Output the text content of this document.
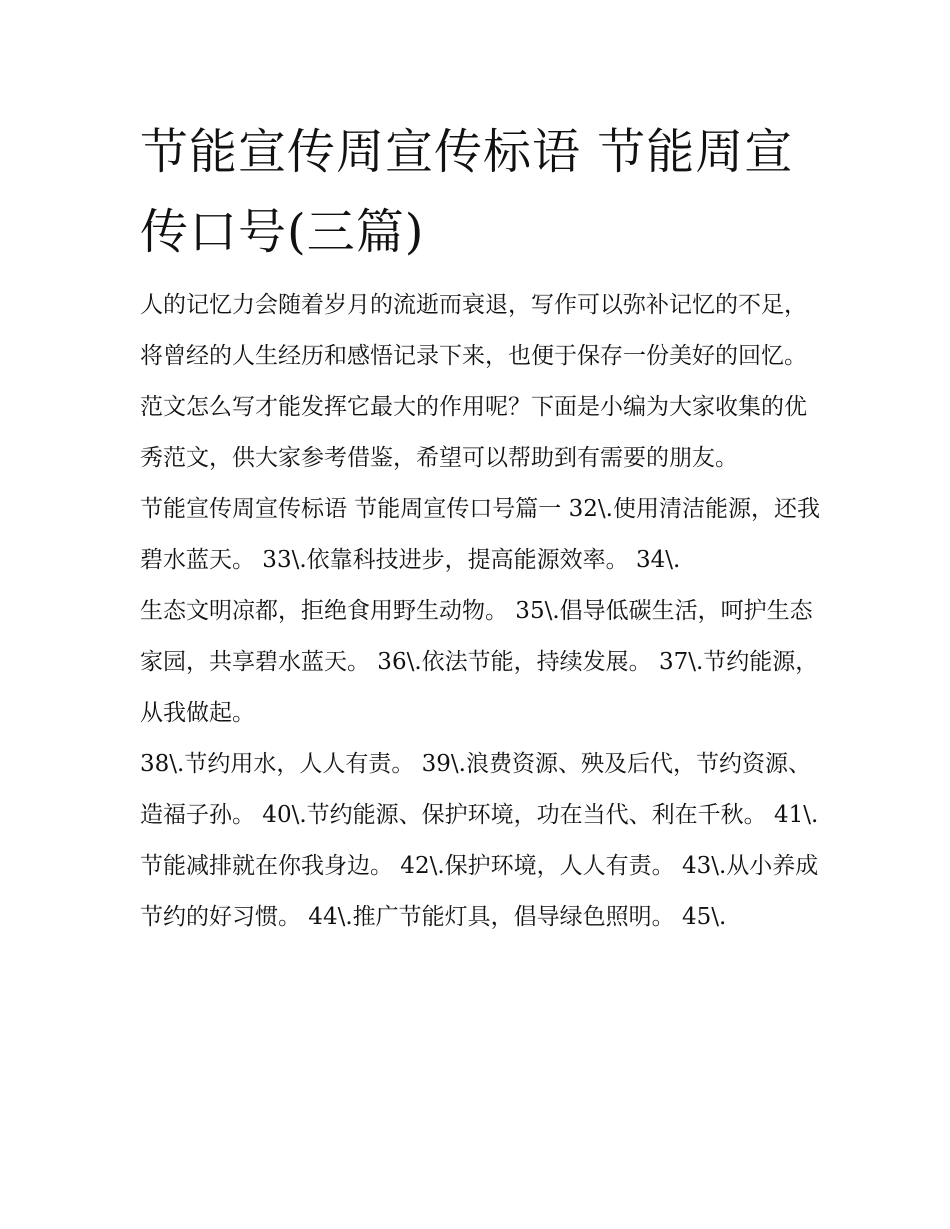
节能宣传周宣传标语 节能周宣传口号(三篇)

人的记忆力会随着岁月的流逝而衰退，写作可以弥补记忆的不足，将曾经的人生经历和感悟记录下来，也便于保存一份美好的回忆。范文怎么写才能发挥它最大的作用呢？下面是小编为大家收集的优秀范文，供大家参考借鉴，希望可以帮助到有需要的朋友。

节能宣传周宣传标语 节能周宣传口号篇一 32\.使用清洁能源，还我碧水蓝天。 33\.依靠科技进步，提高能源效率。 34\.

生态文明凉都，拒绝食用野生动物。 35\.倡导低碳生活，呵护生态家园，共享碧水蓝天。 36\.依法节能，持续发展。 37\.节约能源，从我做起。

38\.节约用水，人人有责。 39\.浪费资源、殃及后代，节约资源、造福子孙。 40\.节约能源、保护环境，功在当代、利在千秋。 41\.

节能减排就在你我身边。 42\.保护环境，人人有责。 43\.从小养成节约的好习惯。 44\.推广节能灯具，倡导绿色照明。 45\.
